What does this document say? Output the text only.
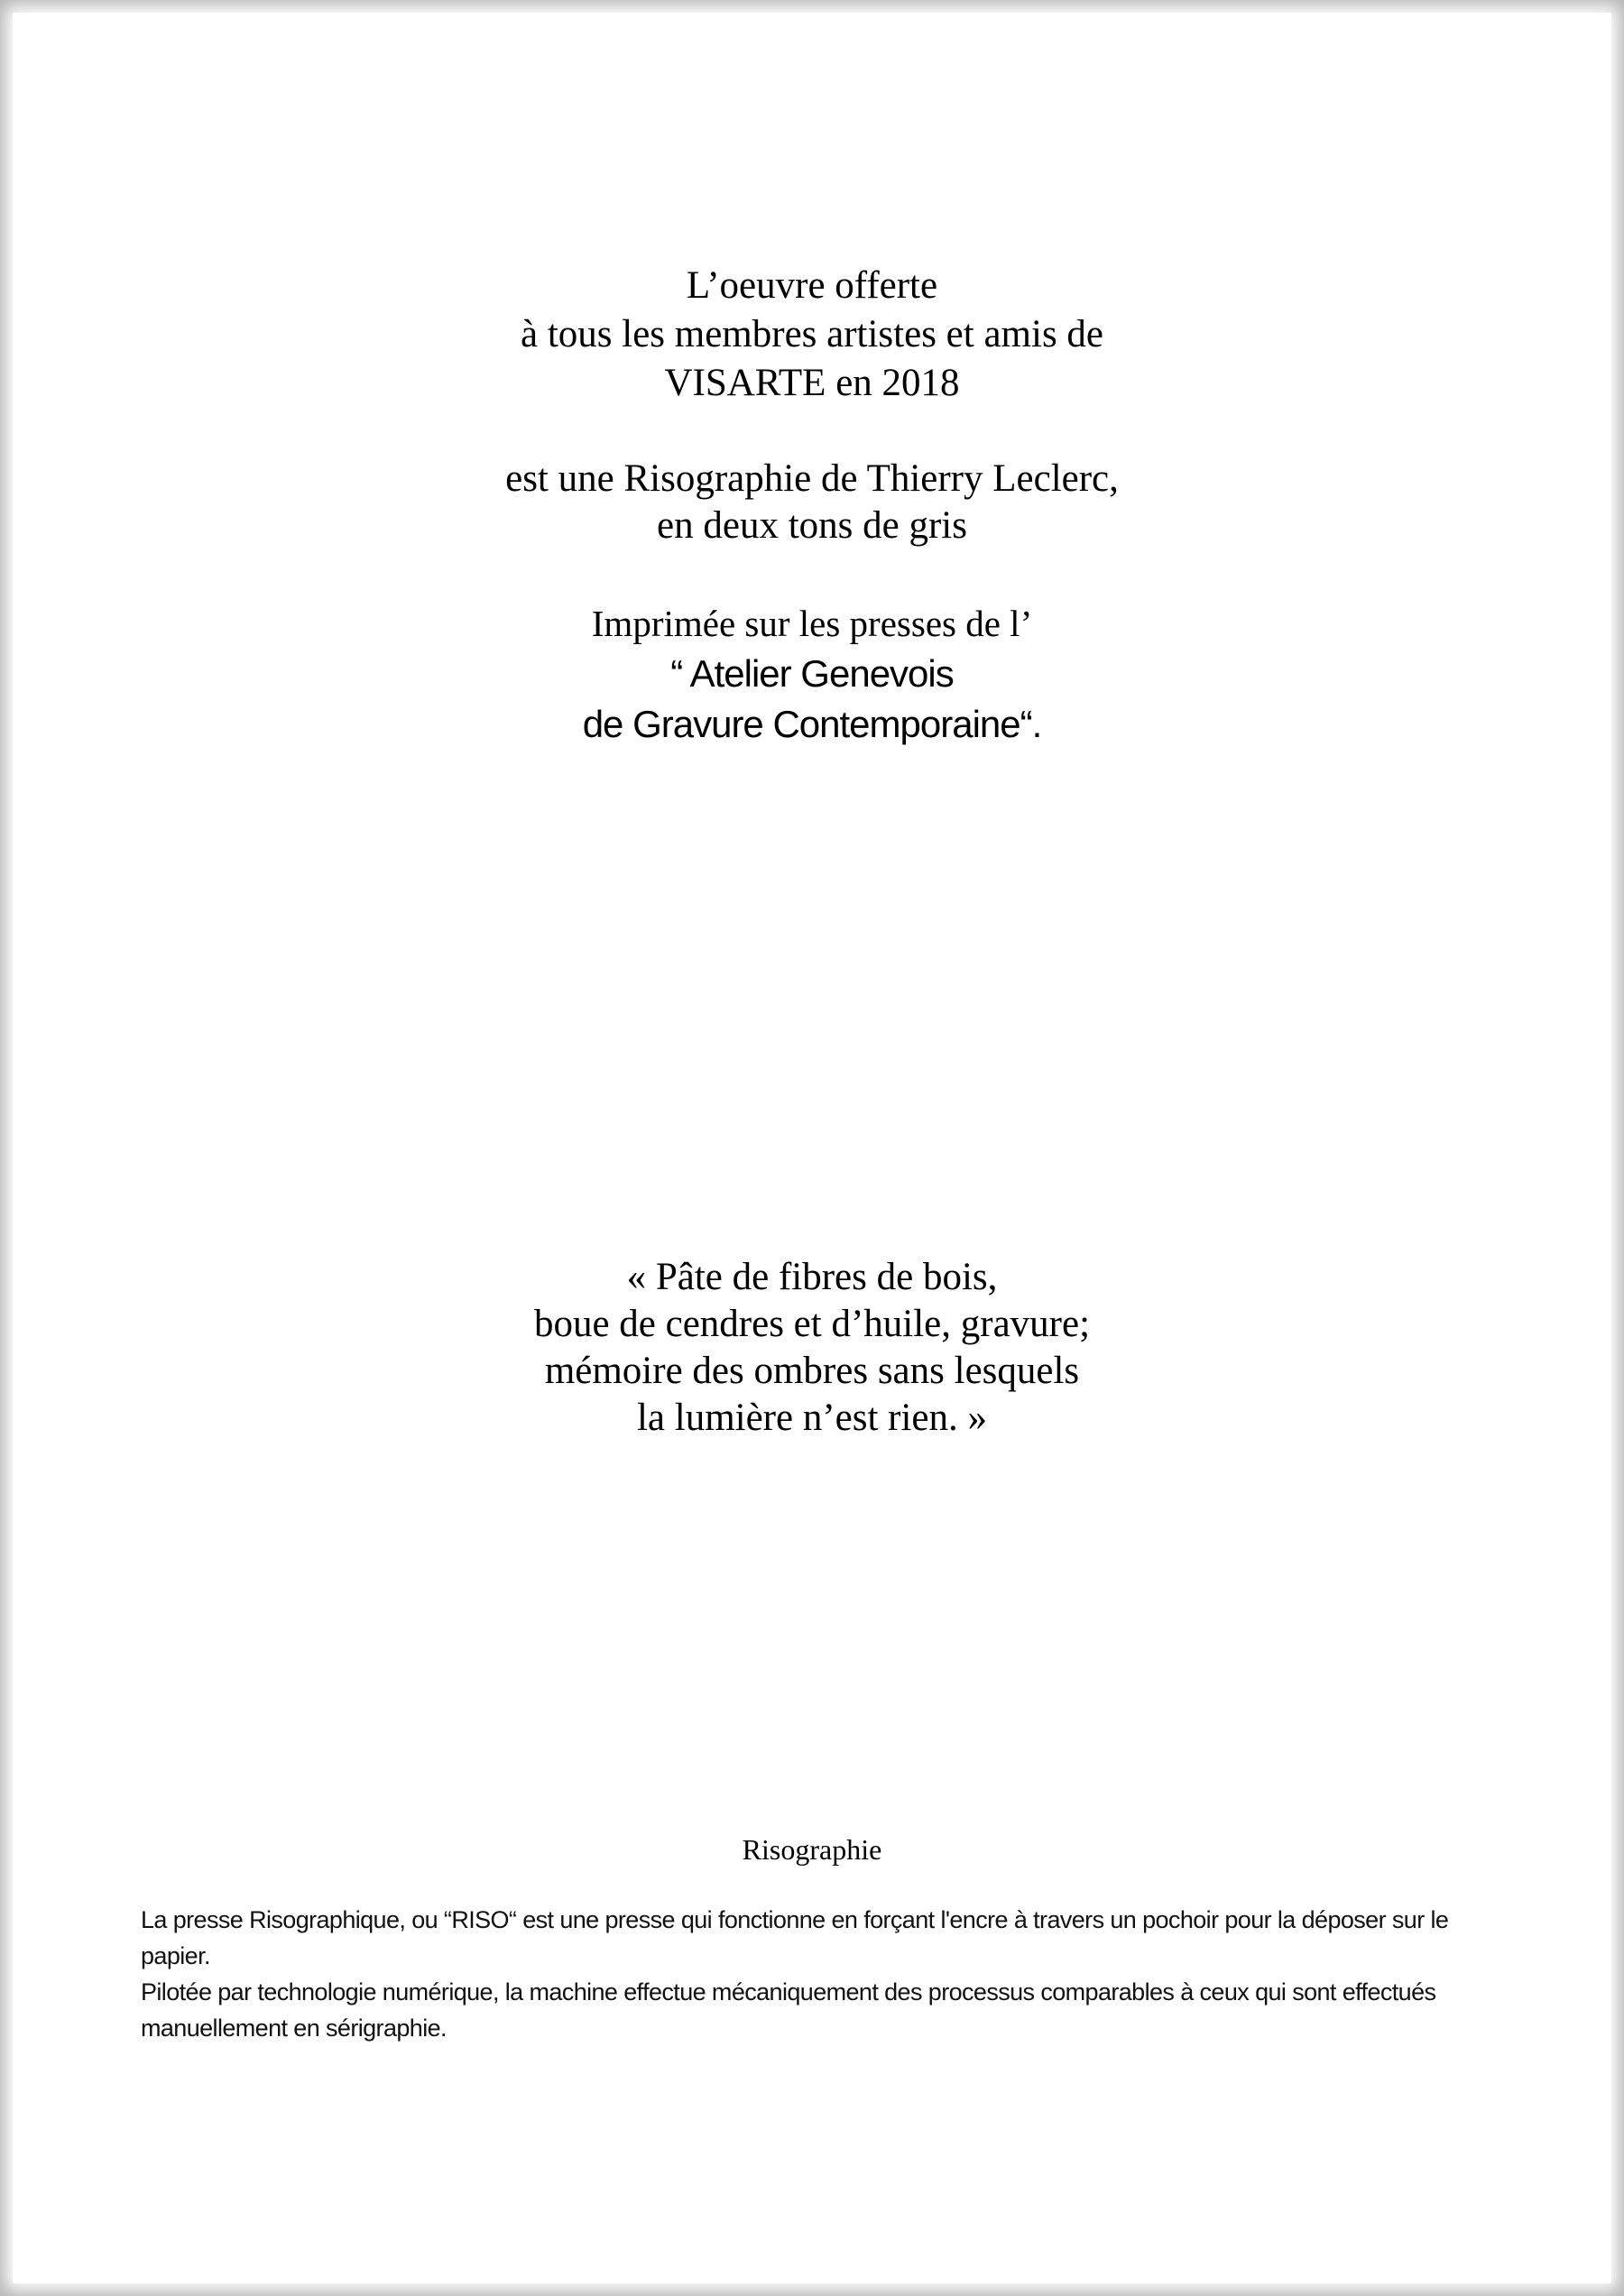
L’oeuvre offerte
à tous les membres artistes et amis de
VISARTE en 2018
est une Risographie de Thierry Leclerc,
en deux tons de gris
Imprimée sur les presses de l’
“ Atelier Genevois
de Gravure Contemporaine“.
« Pâte de fibres de bois,
boue de cendres et d’huile, gravure;
mémoire des ombres sans lesquels
la lumière n’est rien. »
Risographie

La presse Risographique, ou “RISO“ est une presse qui fonctionne en forçant l'encre à travers un pochoir pour la déposer sur le papier.

Pilotée par technologie numérique, la machine effectue mécaniquement des processus comparables à ceux qui sont effectués manuellement en sérigraphie.
